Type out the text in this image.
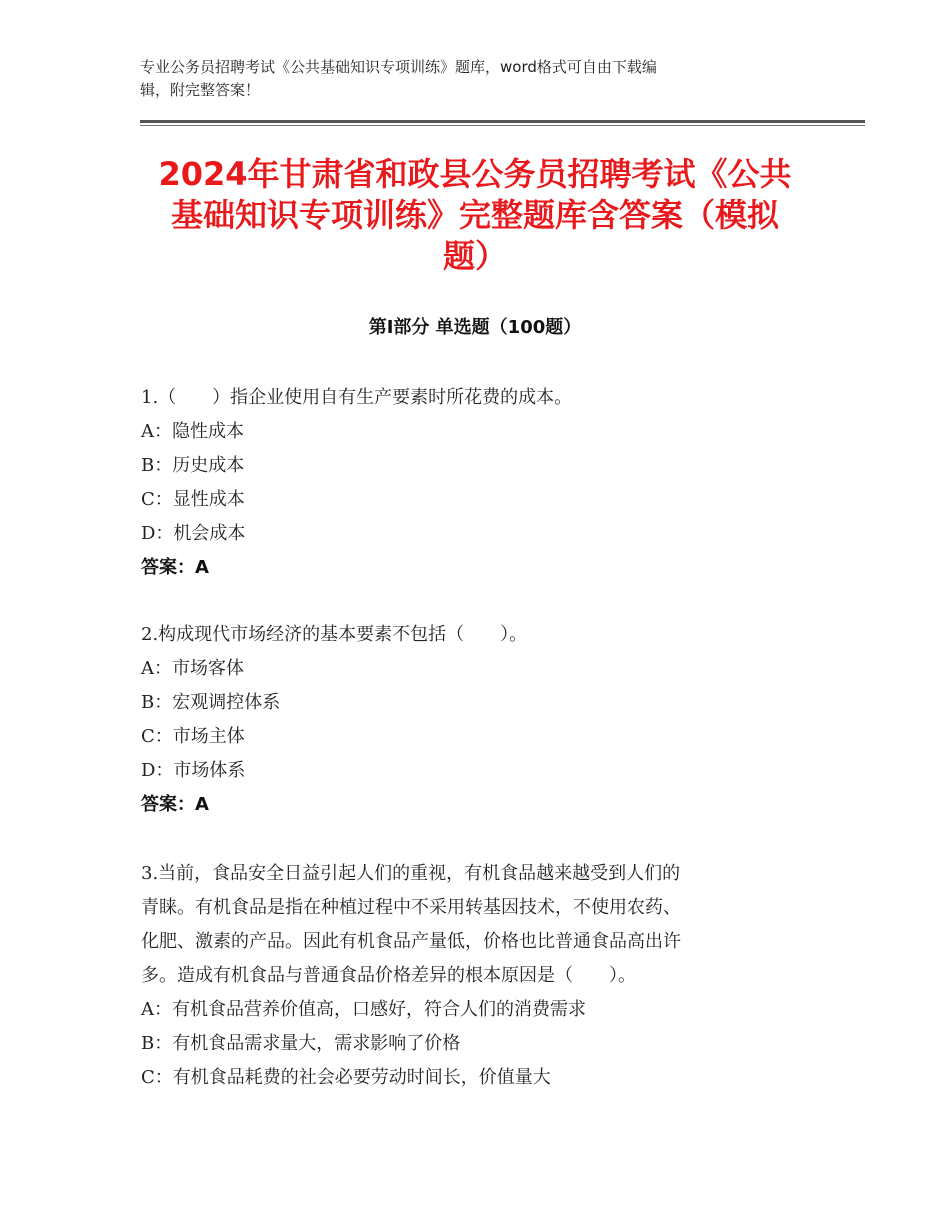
专业公务员招聘考试《公共基础知识专项训练》题库，word格式可自由下载编
辑，附完整答案！
2024年甘肃省和政县公务员招聘考试《公共
基础知识专项训练》完整题库含答案（模拟
题）
第Ⅰ部分 单选题（100题）
1.（　　）指企业使用自有生产要素时所花费的成本。
A：隐性成本
B：历史成本
C：显性成本
D：机会成本
答案：A
2.构成现代市场经济的基本要素不包括（　　）。
A：市场客体
B：宏观调控体系
C：市场主体
D：市场体系
答案：A
3.当前，食品安全日益引起人们的重视，有机食品越来越受到人们的
青睐。有机食品是指在种植过程中不采用转基因技术，不使用农药、
化肥、激素的产品。因此有机食品产量低，价格也比普通食品高出许
多。造成有机食品与普通食品价格差异的根本原因是（　　）。
A：有机食品营养价值高，口感好，符合人们的消费需求
B：有机食品需求量大，需求影响了价格
C：有机食品耗费的社会必要劳动时间长，价值量大
